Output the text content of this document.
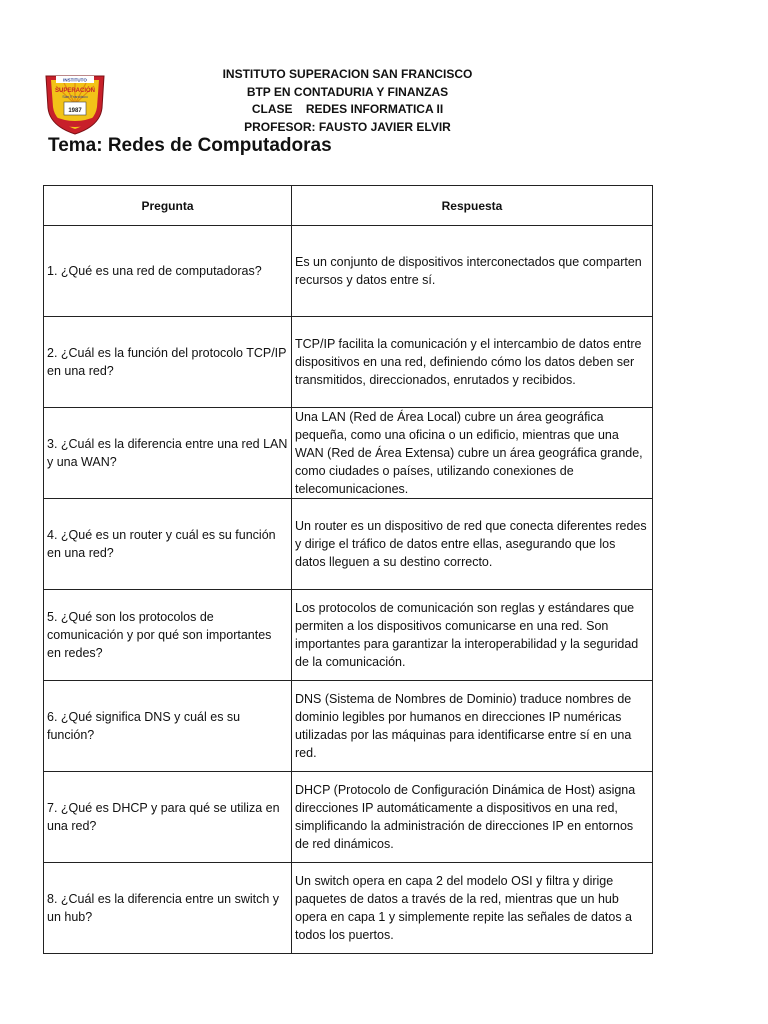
INSTITUTO
SUPERACIÓN
San Francisco
1987
INSTITUTO SUPERACION SAN FRANCISCO
BTP EN CONTADURIA Y FINANZAS
CLASE    REDES INFORMATICA II
PROFESOR: FAUSTO JAVIER ELVIR
Tema: Redes de Computadoras
Pregunta	Respuesta
1. ¿Qué es una red de computadoras?	Es un conjunto de dispositivos interconectados que comparten recursos y datos entre sí.
2. ¿Cuál es la función del protocolo TCP/IP en una red?	TCP/IP facilita la comunicación y el intercambio de datos entre dispositivos en una red, definiendo cómo los datos deben ser transmitidos, direccionados, enrutados y recibidos.
3. ¿Cuál es la diferencia entre una red LAN y una WAN?	Una LAN (Red de Área Local) cubre un área geográfica pequeña, como una oficina o un edificio, mientras que una WAN (Red de Área Extensa) cubre un área geográfica grande, como ciudades o países, utilizando conexiones de telecomunicaciones.
4. ¿Qué es un router y cuál es su función en una red?	Un router es un dispositivo de red que conecta diferentes redes y dirige el tráfico de datos entre ellas, asegurando que los datos lleguen a su destino correcto.
5. ¿Qué son los protocolos de comunicación y por qué son importantes en redes?	Los protocolos de comunicación son reglas y estándares que permiten a los dispositivos comunicarse en una red. Son importantes para garantizar la interoperabilidad y la seguridad de la comunicación.
6. ¿Qué significa DNS y cuál es su función?	DNS (Sistema de Nombres de Dominio) traduce nombres de dominio legibles por humanos en direcciones IP numéricas utilizadas por las máquinas para identificarse entre sí en una red.
7. ¿Qué es DHCP y para qué se utiliza en una red?	DHCP (Protocolo de Configuración Dinámica de Host) asigna direcciones IP automáticamente a dispositivos en una red, simplificando la administración de direcciones IP en entornos de red dinámicos.
8. ¿Cuál es la diferencia entre un switch y un hub?	Un switch opera en capa 2 del modelo OSI y filtra y dirige paquetes de datos a través de la red, mientras que un hub opera en capa 1 y simplemente repite las señales de datos a todos los puertos.
